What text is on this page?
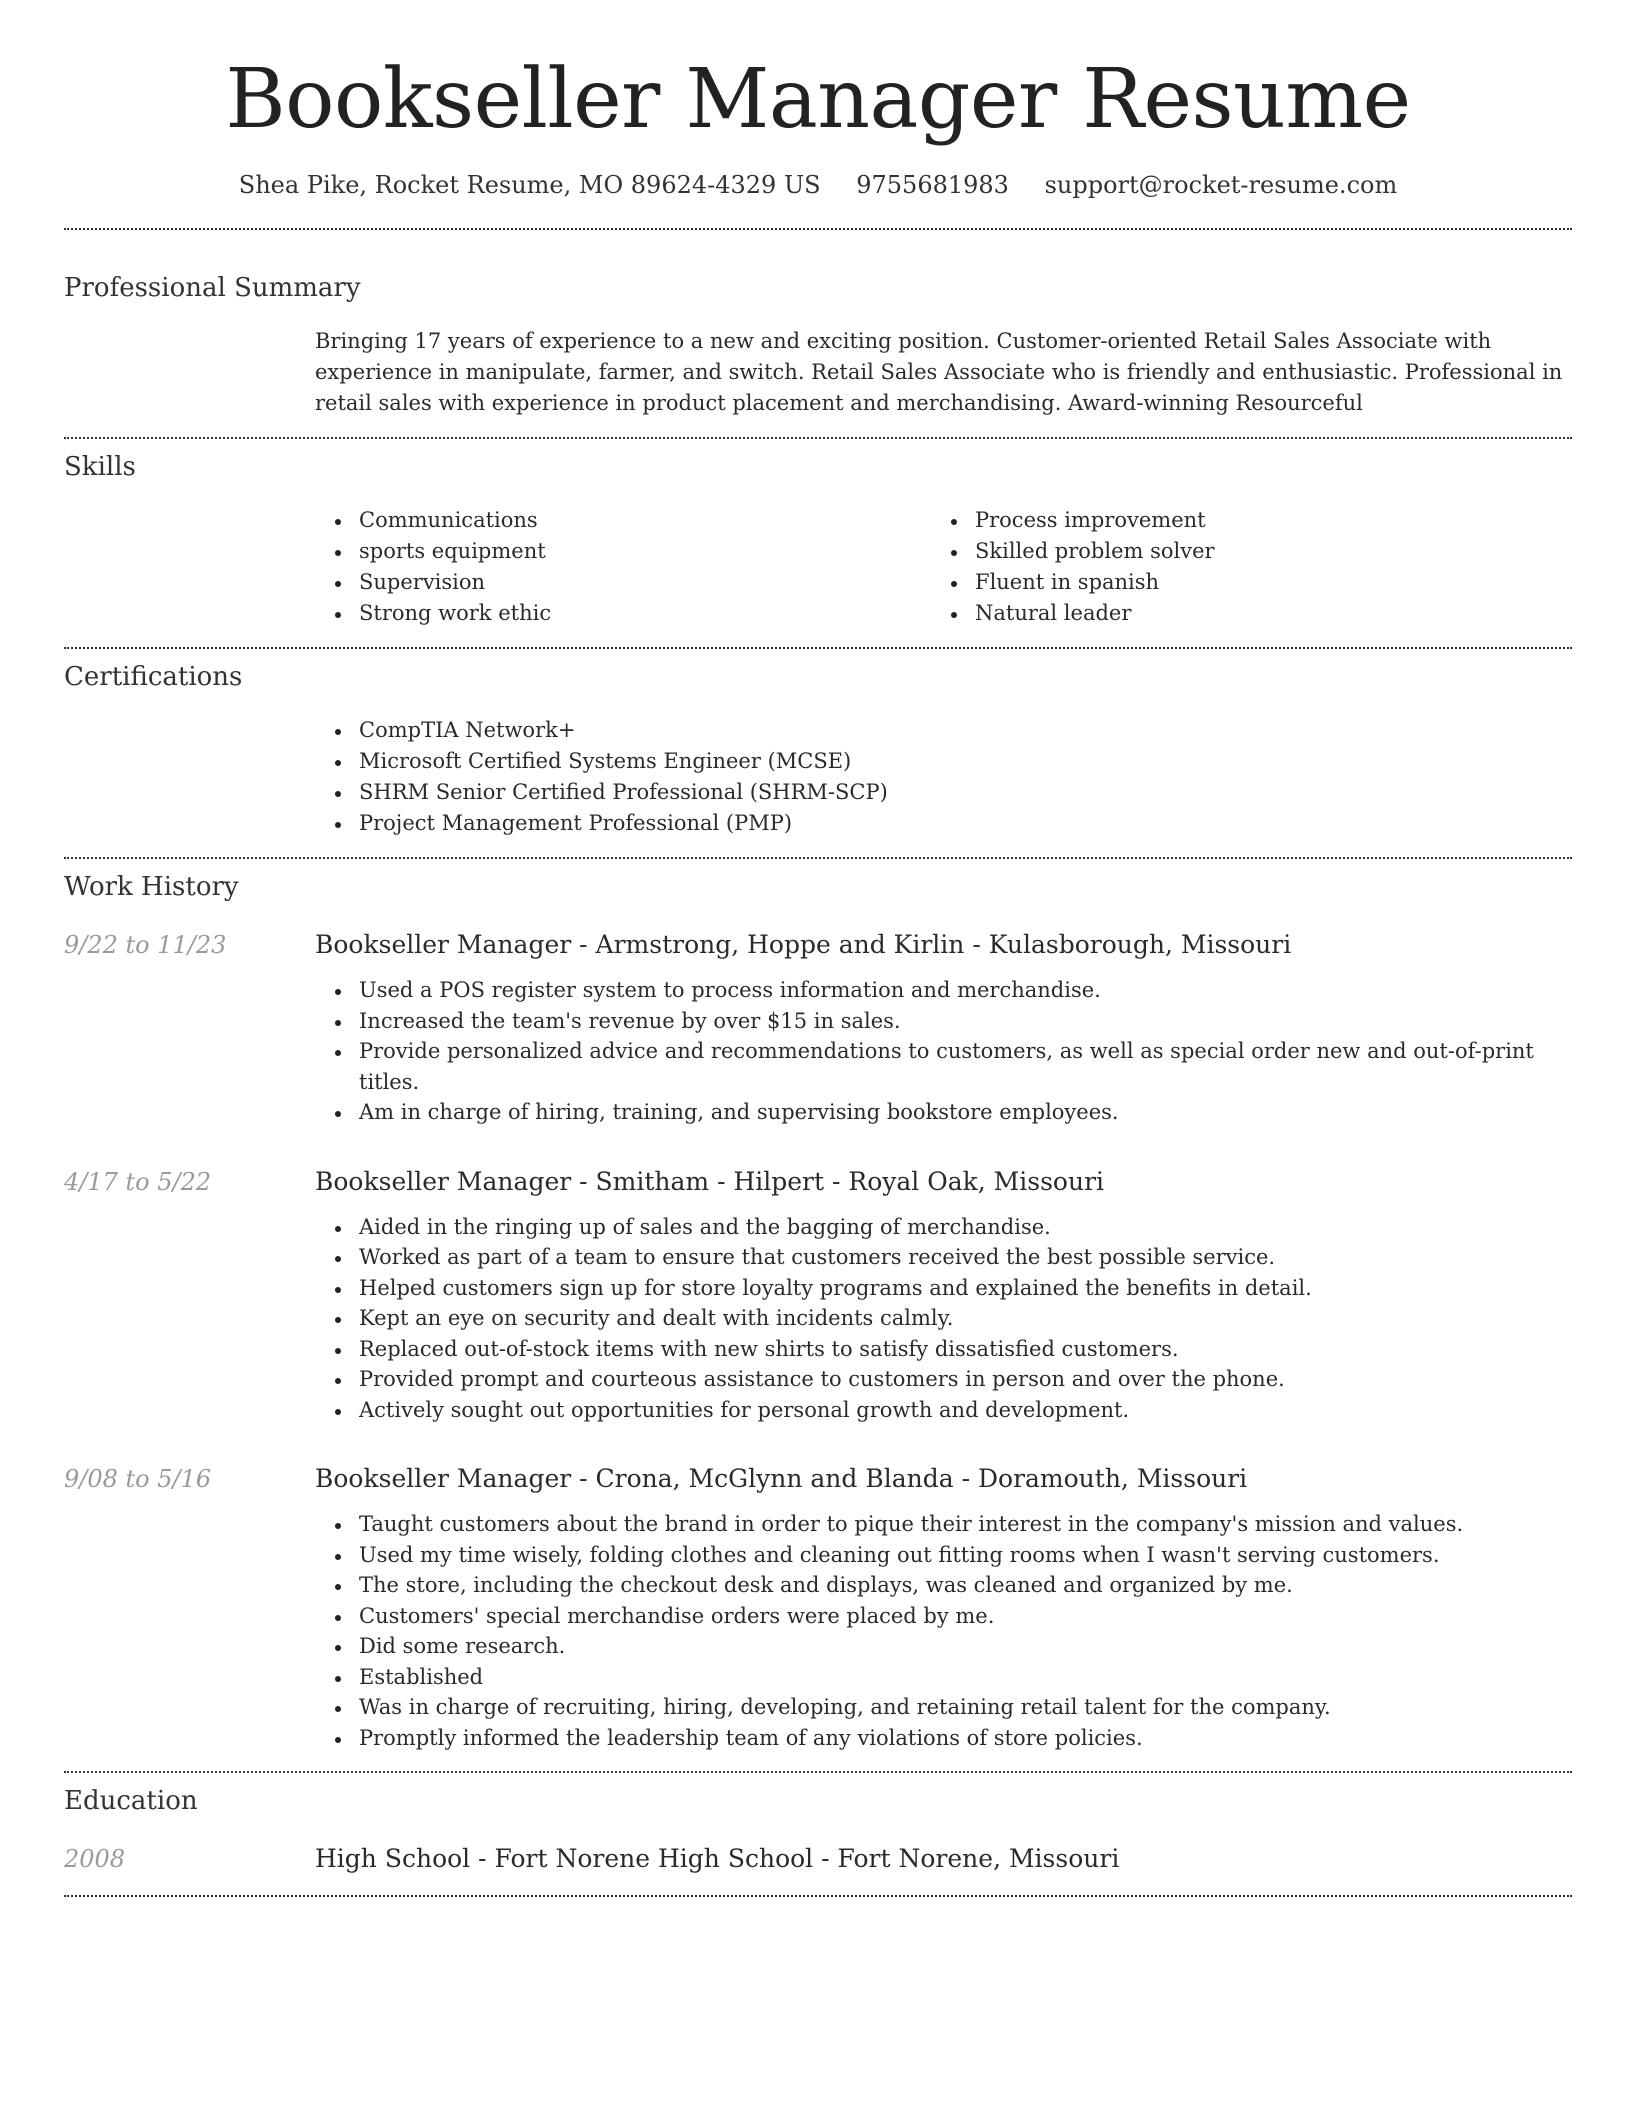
Bookseller Manager Resume
Shea Pike, Rocket Resume, MO 89624-4329 US 9755681983 support@rocket-resume.com
Professional Summary
Bringing 17 years of experience to a new and exciting position. Customer-oriented Retail Sales Associate with experience in manipulate, farmer, and switch. Retail Sales Associate who is friendly and enthusiastic. Professional in retail sales with experience in product placement and merchandising. Award-winning Resourceful
Skills
Communications
sports equipment
Supervision
Strong work ethic
Process improvement
Skilled problem solver
Fluent in spanish
Natural leader
Certifications
CompTIA Network+
Microsoft Certified Systems Engineer (MCSE)
SHRM Senior Certified Professional (SHRM-SCP)
Project Management Professional (PMP)
Work History
9/22 to 11/23	Bookseller Manager - Armstrong, Hoppe and Kirlin - Kulasborough, Missouri
Used a POS register system to process information and merchandise.
Increased the team's revenue by over $15 in sales.
Provide personalized advice and recommendations to customers, as well as special order new and out-of-print titles.
Am in charge of hiring, training, and supervising bookstore employees.
4/17 to 5/22	Bookseller Manager - Smitham - Hilpert - Royal Oak, Missouri
Aided in the ringing up of sales and the bagging of merchandise.
Worked as part of a team to ensure that customers received the best possible service.
Helped customers sign up for store loyalty programs and explained the benefits in detail.
Kept an eye on security and dealt with incidents calmly.
Replaced out-of-stock items with new shirts to satisfy dissatisfied customers.
Provided prompt and courteous assistance to customers in person and over the phone.
Actively sought out opportunities for personal growth and development.
9/08 to 5/16	Bookseller Manager - Crona, McGlynn and Blanda - Doramouth, Missouri
Taught customers about the brand in order to pique their interest in the company's mission and values.
Used my time wisely, folding clothes and cleaning out fitting rooms when I wasn't serving customers.
The store, including the checkout desk and displays, was cleaned and organized by me.
Customers' special merchandise orders were placed by me.
Did some research.
Established
Was in charge of recruiting, hiring, developing, and retaining retail talent for the company.
Promptly informed the leadership team of any violations of store policies.
Education
2008	High School - Fort Norene High School - Fort Norene, Missouri
